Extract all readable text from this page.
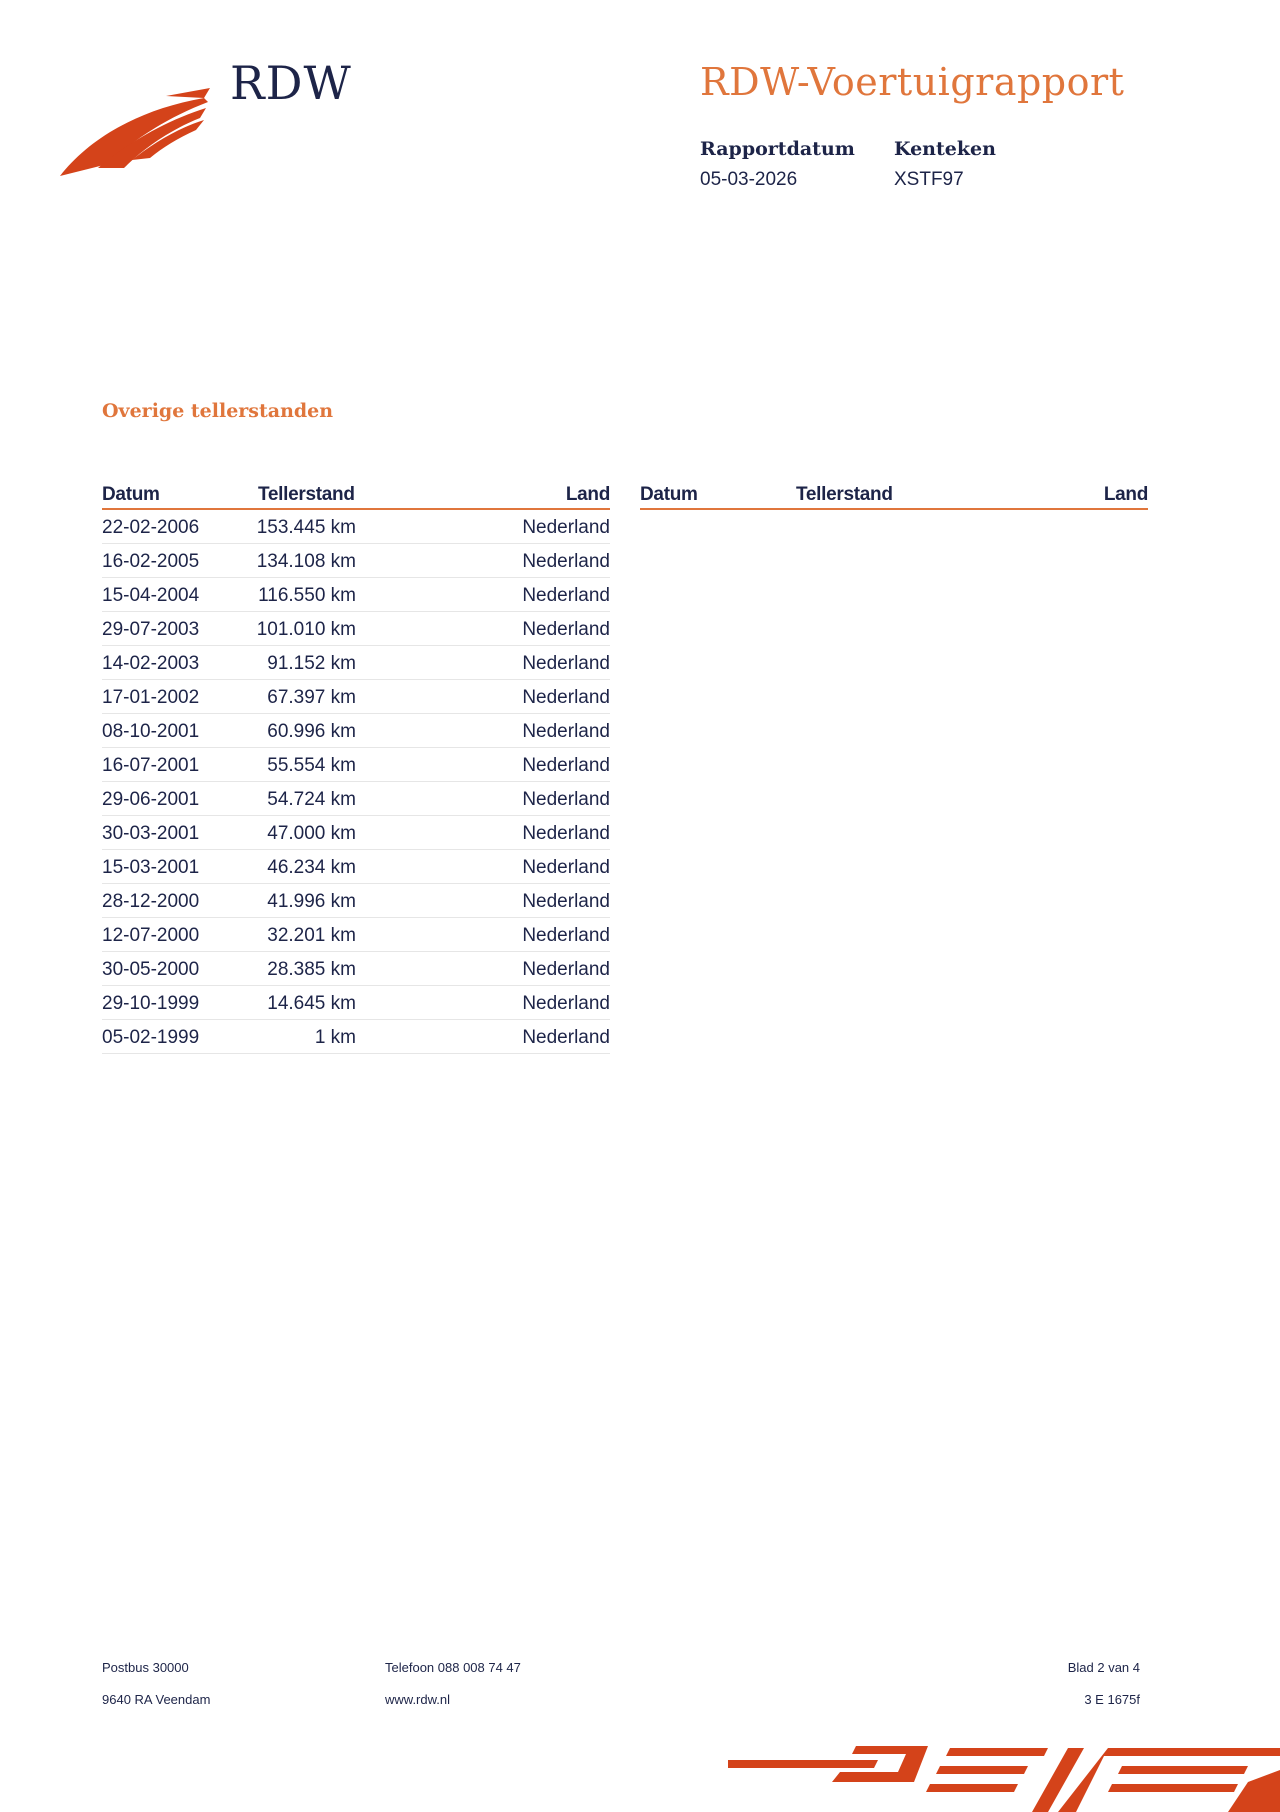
RDW	RDW-Voertuigrapport
Rapportdatum
05-03-2026
Kenteken
XSTF97
Overige tellerstanden
Datum	Tellerstand	Land
22-02-2006	153.445 km	Nederland
16-02-2005	134.108 km	Nederland
15-04-2004	116.550 km	Nederland
29-07-2003	101.010 km	Nederland
14-02-2003	91.152 km	Nederland
17-01-2002	67.397 km	Nederland
08-10-2001	60.996 km	Nederland
16-07-2001	55.554 km	Nederland
29-06-2001	54.724 km	Nederland
30-03-2001	47.000 km	Nederland
15-03-2001	46.234 km	Nederland
28-12-2000	41.996 km	Nederland
12-07-2000	32.201 km	Nederland
30-05-2000	28.385 km	Nederland
29-10-1999	14.645 km	Nederland
05-02-1999	1 km	Nederland
Datum	Tellerstand	Land
Postbus 30000
9640 RA Veendam
Telefoon 088 008 74 47
www.rdw.nl
Blad 2 van 4
3 E 1675f
